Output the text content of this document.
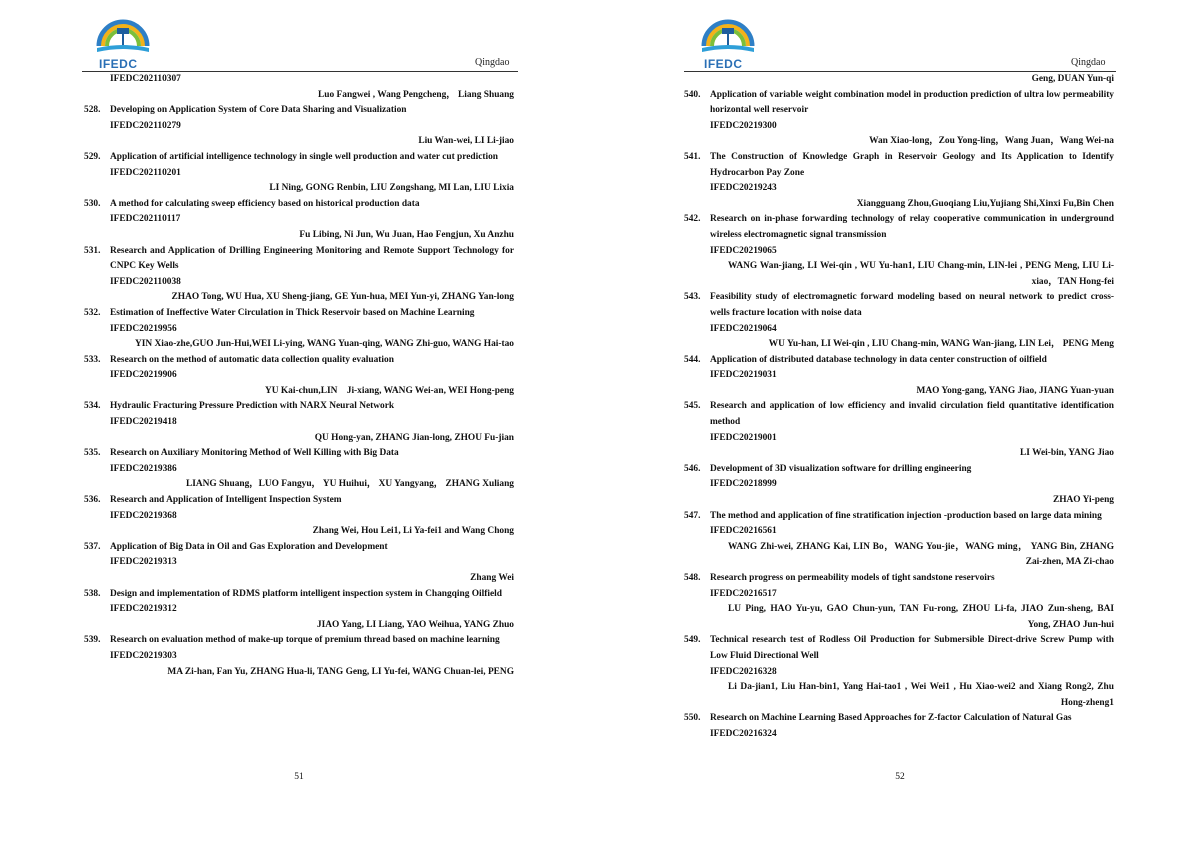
IFEDC	Qingdao
IFEDC202110307
Luo Fangwei , Wang Pengcheng， Liang Shuang
528. Developing on Application System of Core Data Sharing and Visualization
IFEDC202110279
Liu Wan-wei, LI Li-jiao
529. Application of artificial intelligence technology in single well production and water cut prediction
IFEDC202110201
LI Ning, GONG Renbin, LIU Zongshang, MI Lan, LIU Lixia
530. A method for calculating sweep efficiency based on historical production data
IFEDC202110117
Fu Libing, Ni Jun, Wu Juan, Hao Fengjun, Xu Anzhu
531. Research and Application of Drilling Engineering Monitoring and Remote Support Technology for CNPC Key Wells
IFEDC202110038
ZHAO Tong, WU Hua, XU Sheng-jiang, GE Yun-hua, MEI Yun-yi, ZHANG Yan-long
532. Estimation of Ineffective Water Circulation in Thick Reservoir based on Machine Learning
IFEDC20219956
YIN Xiao-zhe,GUO Jun-Hui,WEI Li-ying, WANG Yuan-qing, WANG Zhi-guo, WANG Hai-tao
533. Research on the method of automatic data collection quality evaluation
IFEDC20219906
YU Kai-chun,LIN　Ji-xiang, WANG Wei-an, WEI Hong-peng
534. Hydraulic Fracturing Pressure Prediction with NARX Neural Network
IFEDC20219418
QU Hong-yan, ZHANG Jian-long, ZHOU Fu-jian
535. Research on Auxiliary Monitoring Method of Well Killing with Big Data
IFEDC20219386
LIANG Shuang，LUO Fangyu， YU Huihui， XU Yangyang， ZHANG Xuliang
536. Research and Application of Intelligent Inspection System
IFEDC20219368
Zhang Wei, Hou Lei1, Li Ya-fei1 and Wang Chong
537. Application of Big Data in Oil and Gas Exploration and Development
IFEDC20219313
Zhang Wei
538. Design and implementation of RDMS platform intelligent inspection system in Changqing Oilfield
IFEDC20219312
JIAO Yang, LI Liang, YAO Weihua, YANG Zhuo
539. Research on evaluation method of make-up torque of premium thread based on machine learning
IFEDC20219303
MA Zi-han, Fan Yu, ZHANG Hua-li, TANG Geng, LI Yu-fei, WANG Chuan-lei, PENG
51
IFEDC	Qingdao
Geng, DUAN Yun-qi
540. Application of variable weight combination model in production prediction of ultra low permeability horizontal well reservoir
IFEDC20219300
Wan Xiao-long，Zou Yong-ling，Wang Juan，Wang Wei-na
541. The Construction of Knowledge Graph in Reservoir Geology and Its Application to Identify Hydrocarbon Pay Zone
IFEDC20219243
Xiangguang Zhou,Guoqiang Liu,Yujiang Shi,Xinxi Fu,Bin Chen
542. Research on in-phase forwarding technology of relay cooperative communication in underground wireless electromagnetic signal transmission
IFEDC20219065
WANG Wan-jiang, LI Wei-qin , WU Yu-han1, LIU Chang-min, LIN-lei , PENG Meng, LIU Li-xiao，TAN Hong-fei
543. Feasibility study of electromagnetic forward modeling based on neural network to predict cross-wells fracture location with noise data
IFEDC20219064
WU Yu-han, LI Wei-qin , LIU Chang-min, WANG Wan-jiang, LIN Lei， PENG Meng
544. Application of distributed database technology in data center construction of oilfield
IFEDC20219031
MAO Yong-gang, YANG Jiao, JIANG Yuan-yuan
545. Research and application of low efficiency and invalid circulation field quantitative identification method
IFEDC20219001
LI Wei-bin, YANG Jiao
546. Development of 3D visualization software for drilling engineering
IFEDC20218999
ZHAO Yi-peng
547. The method and application of fine stratification injection -production based on large data mining
IFEDC20216561
WANG Zhi-wei, ZHANG Kai, LIN Bo，WANG You-jie，WANG ming， YANG Bin, ZHANG Zai-zhen, MA Zi-chao
548. Research progress on permeability models of tight sandstone reservoirs
IFEDC20216517
LU Ping, HAO Yu-yu, GAO Chun-yun, TAN Fu-rong, ZHOU Li-fa, JIAO Zun-sheng, BAI Yong, ZHAO Jun-hui
549. Technical research test of Rodless Oil Production for Submersible Direct-drive Screw Pump with Low Fluid Directional Well
IFEDC20216328
Li Da-jian1, Liu Han-bin1, Yang Hai-tao1 , Wei Wei1 , Hu Xiao-wei2 and Xiang Rong2, Zhu Hong-zheng1
550. Research on Machine Learning Based Approaches for Z-factor Calculation of Natural Gas
IFEDC20216324
52
